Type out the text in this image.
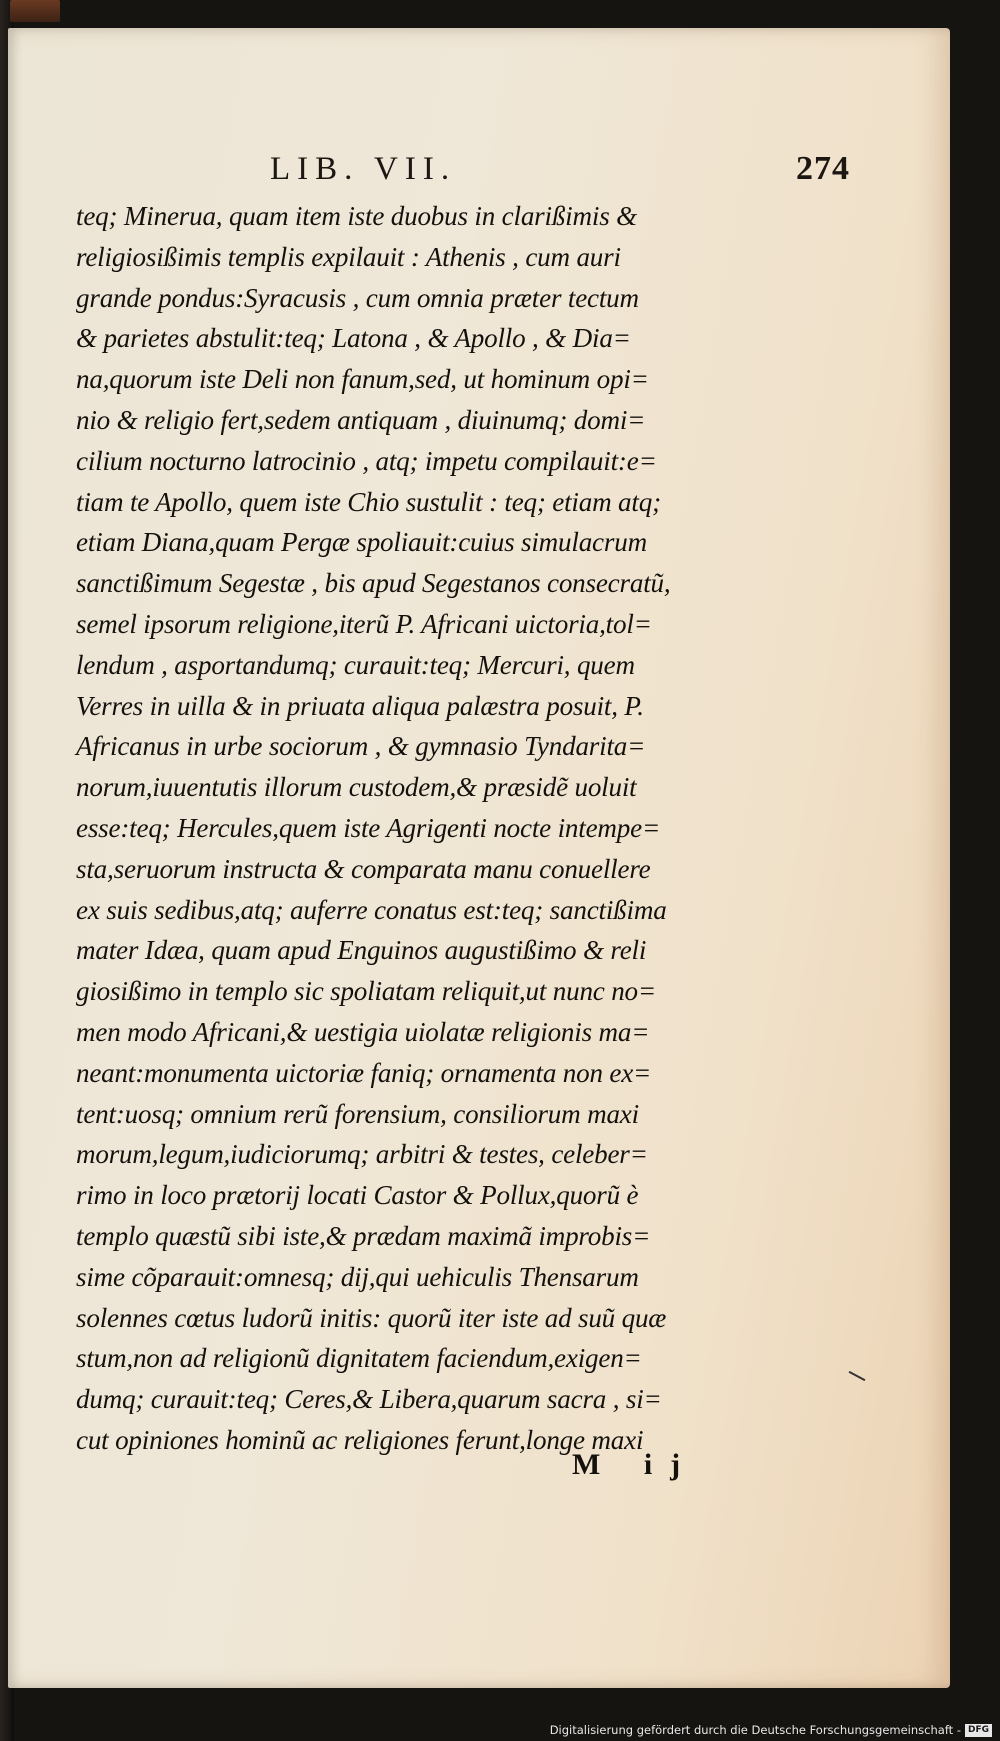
LIB. VII.	274
teq; Minerua, quam item iste duobus in clarißimis &
religiosißimis templis expilauit : Athenis , cum auri
grande pondus:Syracusis , cum omnia præter tectum
& parietes abstulit:teq; Latona , & Apollo , & Dia=
na,quorum iste Deli non fanum,sed, ut hominum opi=
nio & religio fert,sedem antiquam , diuinumq; domi=
cilium nocturno latrocinio , atq; impetu compilauit:e=
tiam te Apollo, quem iste Chio sustulit : teq; etiam atq;
etiam Diana,quam Pergæ spoliauit:cuius simulacrum
sanctißimum Segestæ , bis apud Segestanos consecratũ,
semel ipsorum religione,iterũ P. Africani uictoria,tol=
lendum , asportandumq; curauit:teq; Mercuri, quem
Verres in uilla & in priuata aliqua palæstra posuit, P.
Africanus in urbe sociorum , & gymnasio Tyndarita=
norum,iuuentutis illorum custodem,& præsidẽ uoluit
esse:teq; Hercules,quem iste Agrigenti nocte intempe=
sta,seruorum instructa & comparata manu conuellere
ex suis sedibus,atq; auferre conatus est:teq; sanctißima
mater Idæa, quam apud Enguinos augustißimo & reli
giosißimo in templo sic spoliatam reliquit,ut nunc no=
men modo Africani,& uestigia uiolatæ religionis ma=
neant:monumenta uictoriæ faniq; ornamenta non ex=
tent:uosq; omnium rerũ forensium, consiliorum maxi
morum,legum,iudiciorumq; arbitri & testes, celeber=
rimo in loco prætorij locati Castor & Pollux,quorũ è
templo quæstũ sibi iste,& prædam maximã improbis=
sime cõparauit:omnesq; dij,qui uehiculis Thensarum
solennes cœtus ludorũ initis: quorũ iter iste ad suũ quæ
stum,non ad religionũ dignitatem faciendum,exigen=
dumq; curauit:teq; Ceres,& Libera,quarum sacra , si=
cut opiniones hominũ ac religiones ferunt,longe maxi
M ij
Digitalisierung gefördert durch die Deutsche Forschungsgemeinschaft - DFG
